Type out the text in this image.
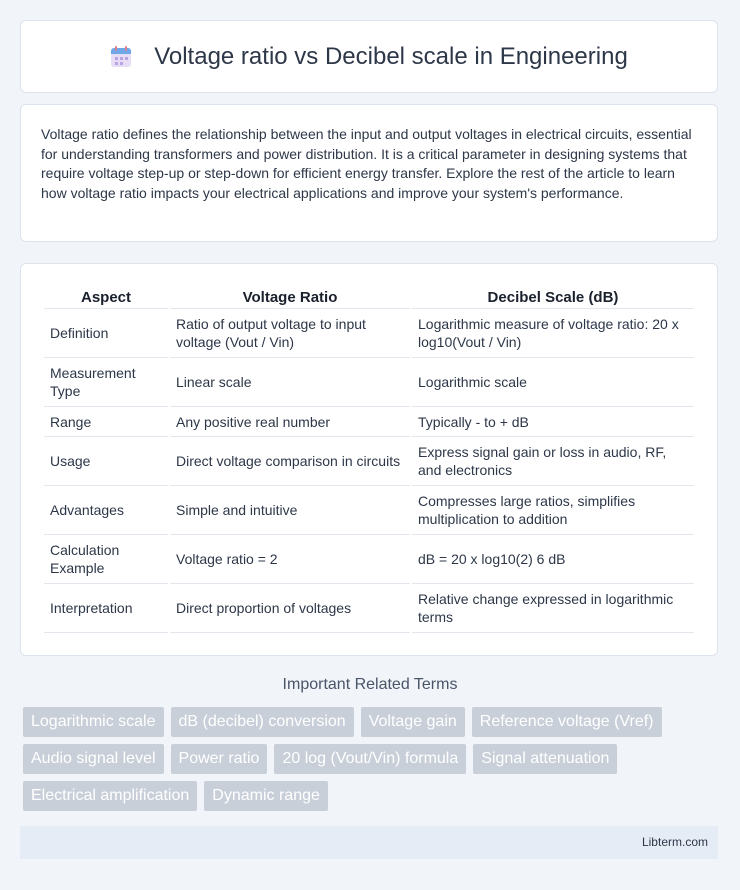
Voltage ratio vs Decibel scale in Engineering

Voltage ratio defines the relationship between the input and output voltages in electrical circuits, essential for understanding transformers and power distribution. It is a critical parameter in designing systems that require voltage step-up or step-down for efficient energy transfer. Explore the rest of the article to learn how voltage ratio impacts your electrical applications and improve your system's performance.

Aspect	Voltage Ratio	Decibel Scale (dB)
Definition	Ratio of output voltage to input voltage (Vout / Vin)	Logarithmic measure of voltage ratio: 20 x log10(Vout / Vin)
Measurement Type	Linear scale	Logarithmic scale
Range	Any positive real number	Typically - to + dB
Usage	Direct voltage comparison in circuits	Express signal gain or loss in audio, RF, and electronics
Advantages	Simple and intuitive	Compresses large ratios, simplifies multiplication to addition
Calculation Example	Voltage ratio = 2	dB = 20 x log10(2) 6 dB
Interpretation	Direct proportion of voltages	Relative change expressed in logarithmic terms
Important Related Terms
Logarithmic scale	dB (decibel) conversion	Voltage gain	Reference voltage (Vref)
Audio signal level	Power ratio	20 log (Vout/Vin) formula	Signal attenuation
Electrical amplification	Dynamic range
Libterm.com
